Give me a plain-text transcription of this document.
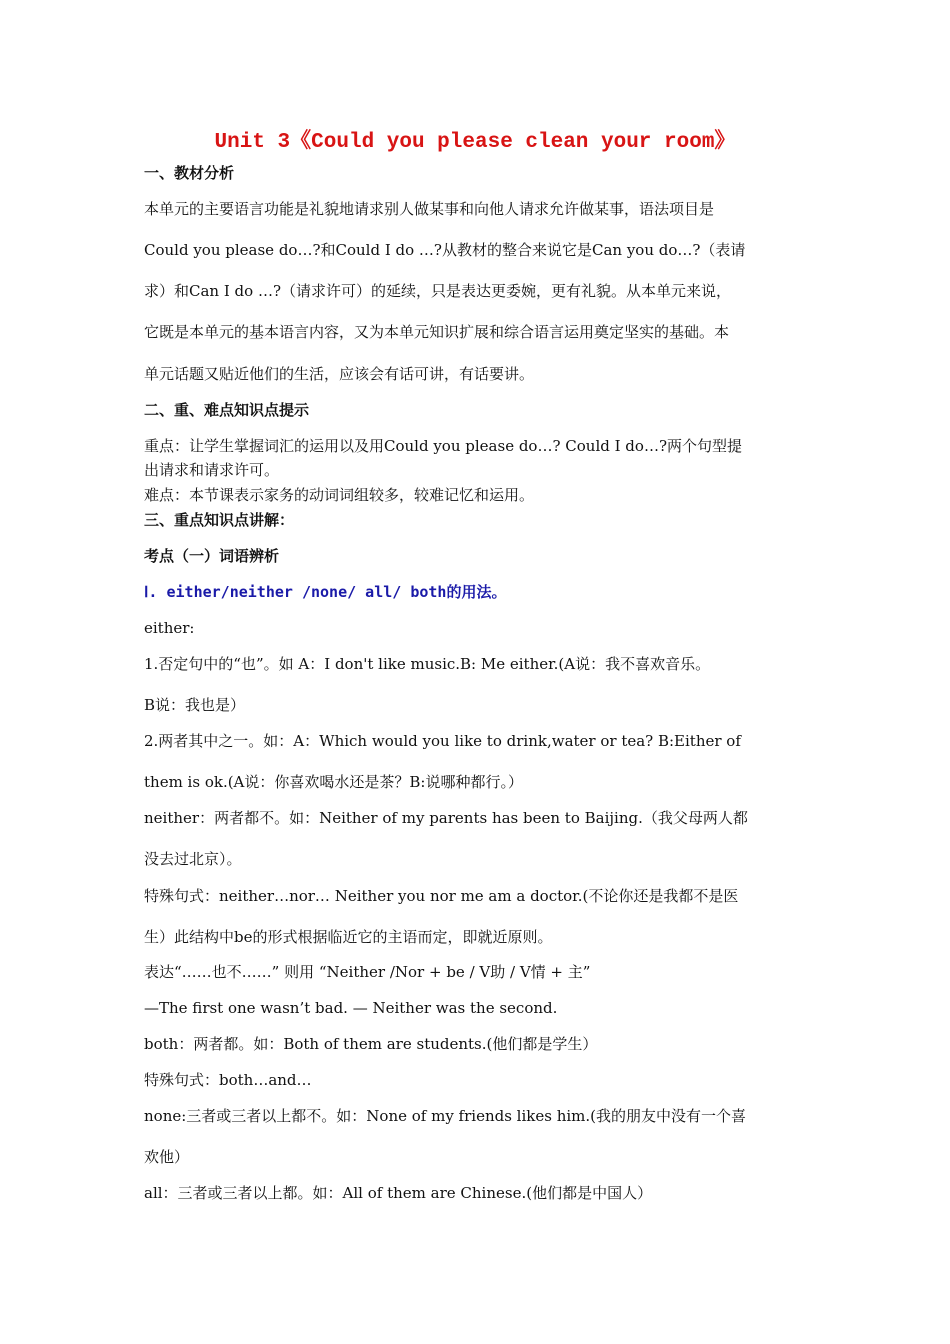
Unit 3《Could you please clean your room》
一、教材分析
本单元的主要语言功能是礼貌地请求别人做某事和向他人请求允许做某事，语法项目是
Could you please do…?和Could I do …?从教材的整合来说它是Can you do…?（表请
求）和Can I do …?（请求许可）的延续，只是表达更委婉，更有礼貌。从本单元来说，
它既是本单元的基本语言内容，又为本单元知识扩展和综合语言运用奠定坚实的基础。本
单元话题又贴近他们的生活，应该会有话可讲，有话要讲。
二、重、难点知识点提示
重点：让学生掌握词汇的运用以及用Could you please do…? Could I do…?两个句型提
出请求和请求许可。
难点：本节课表示家务的动词词组较多，较难记忆和运用。
三、重点知识点讲解：
考点（一）词语辨析
Ⅰ. either/neither /none/ all/ both的用法。
either:
1.否定句中的“也”。如 A：I don't like music.B: Me either.(A说：我不喜欢音乐。
B说：我也是）
2.两者其中之一。如：A：Which would you like to drink,water or tea? B:Either of
them is ok.(A说：你喜欢喝水还是茶？B:说哪种都行。）
neither：两者都不。如：Neither of my parents has been to Baijing.（我父母两人都
没去过北京）。
特殊句式：neither…nor… Neither you nor me am a doctor.(不论你还是我都不是医
生）此结构中be的形式根据临近它的主语而定，即就近原则。
表达“……也不……” 则用 “Neither /Nor + be / V助 / V情 + 主”
—The first one wasn’t bad. — Neither was the second.
both：两者都。如：Both of them are students.(他们都是学生）
特殊句式：both…and…
none:三者或三者以上都不。如：None of my friends likes him.(我的朋友中没有一个喜
欢他）
all：三者或三者以上都。如：All of them are Chinese.(他们都是中国人）
